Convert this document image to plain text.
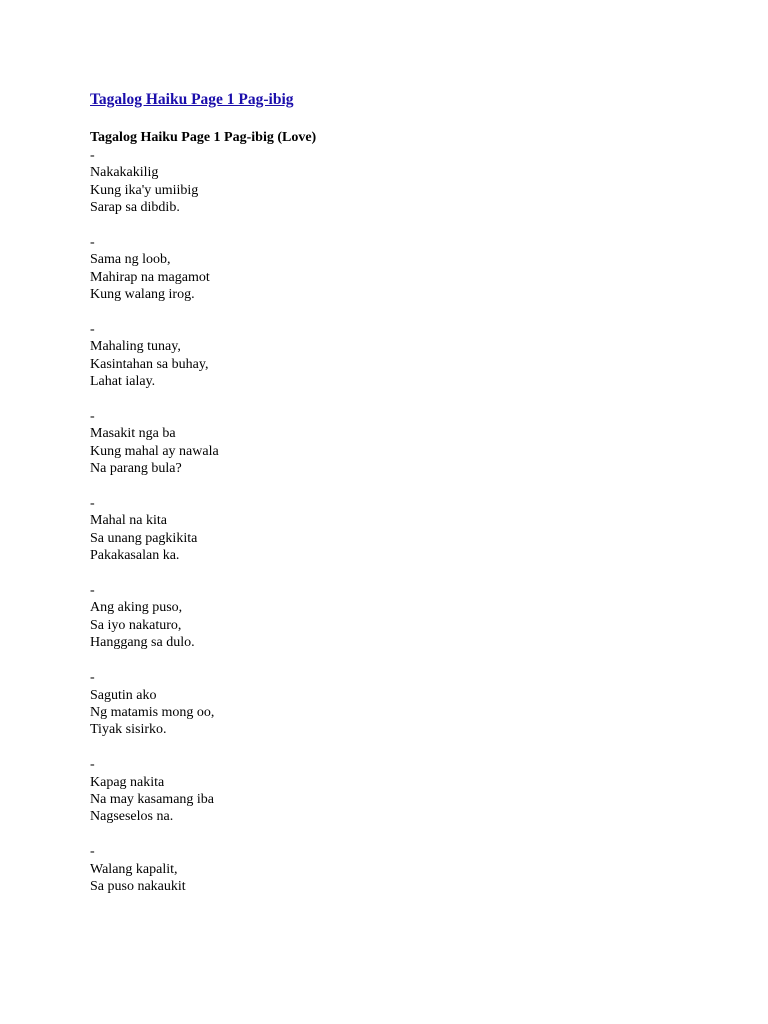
Tagalog Haiku Page 1 Pag-ibig
Tagalog Haiku Page 1 Pag-ibig (Love)
-
Nakakakilig
Kung ika'y umiibig
Sarap sa dibdib.
-
Sama ng loob,
Mahirap na magamot
Kung walang irog.
-
Mahaling tunay,
Kasintahan sa buhay,
Lahat ialay.
-
Masakit nga ba
Kung mahal ay nawala
Na parang bula?
-
Mahal na kita
Sa unang pagkikita
Pakakasalan ka.
-
Ang aking puso,
Sa iyo nakaturo,
Hanggang sa dulo.
-
Sagutin ako
Ng matamis mong oo,
Tiyak sisirko.
-
Kapag nakita
Na may kasamang iba
Nagseselos na.
-
Walang kapalit,
Sa puso nakaukit
